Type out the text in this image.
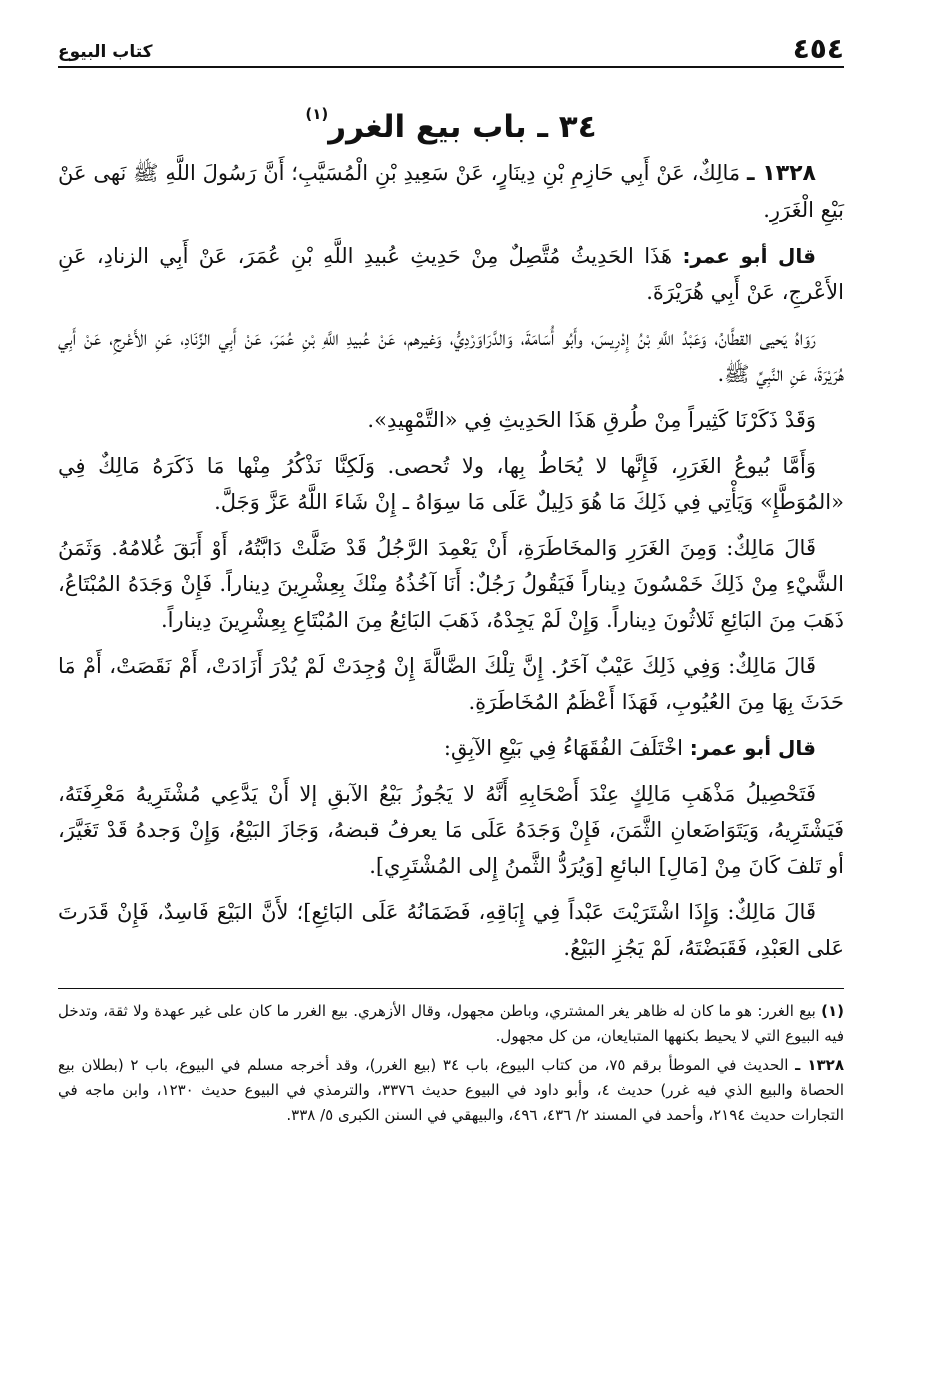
٤٥٤
كتاب البيوع
٣٤ ـ باب بيع الغرر$^{(١)}$

١٣٢٨ ـ مَالِكٌ، عَنْ أَبِي حَازِمِ بْنِ دِينَارٍ، عَنْ سَعِيدِ بْنِ الْمُسَيَّبِ؛ أَنَّ رَسُولَ اللَّهِ ﷺ نَهى عَنْ بَيْعِ الْغَرَرِ.

قال أبو عمر: هَذَا الحَدِيثُ مُتَّصِلٌ مِنْ حَدِيثِ عُبيدِ اللَّهِ بْنِ عُمَرَ، عَنْ أَبِي الزنادِ، عَنِ الأَعْرجِ، عَنْ أَبِي هُرَيْرَةَ.

رَوَاهُ يَحيى القطَّانُ، وَعَبْدُ اللَّهِ بْنُ إِدْرِيسَ، وأَبُو أُسَامَةَ، وَالدَّرَاوَرْدِيُّ، وَغيرهم، عَنْ عُبيدِ اللَّهِ بْنِ عُمَرَ، عَنْ أَبِي الزِّنَادِ، عَنِ الأَعْرجِ، عَنْ أَبِي هُرَيْرَةَ، عَنِ النَّبِيِّ ﷺ.

وَقَدْ ذَكَرْنَا كَثِيراً مِنْ طُرقِ هَذَا الحَدِيثِ فِي «التَّمْهِيدِ».

وَأَمَّا بُيوعُ الغَرَرِ، فَإِنَّها لا يُحَاطُ بِها، ولا تُحصى. وَلَكِنَّا نَذْكُرُ مِنْها مَا ذَكَرَهُ مَالِكٌ فِي «المُوَطَّإِ» وَيَأْتِي فِي ذَلِكَ مَا هُوَ دَلِيلٌ عَلَى مَا سِوَاهُ ـ إِنْ شَاءَ اللَّهُ عَزَّ وَجَلَّ.

قَالَ مَالِكٌ: وَمِنَ الغَرَرِ وَالمخَاطَرَةِ، أَنْ يَعْمِدَ الرَّجُلُ قَدْ ضَلَّتْ دَابَّتُهُ، أَوْ أَبَقَ غُلامُهُ. وَثَمَنُ الشَّيْءِ مِنْ ذَلِكَ خَمْسُونَ دِيناراً فَيَقُولُ رَجُلٌ: أَنَا آخُذُهُ مِنْكَ بِعِشْرِينَ دِيناراً. فَإِنْ وَجَدَهُ المُبْتَاعُ، ذَهَبَ مِنَ البَائِعِ ثَلاثُونَ دِيناراً. وَإِنْ لَمْ يَجِدْهُ، ذَهَبَ البَائِعُ مِنَ المُبْتَاعِ بِعِشْرِينَ دِيناراً.

قَالَ مَالِكٌ: وَفِي ذَلِكَ عَيْبٌ آخَرُ. إِنَّ تِلْكَ الضَّالَّةَ إِنْ وُجِدَتْ لَمْ يُدْرَ أَزَادَتْ، أَمْ نَقَصَتْ، أَمْ مَا حَدَثَ بِهَا مِنَ العُيُوبِ، فَهَذَا أَعْظَمُ المُخَاطَرَةِ.

قال أبو عمر: اخْتَلَفَ الفُقَهَاءُ فِي بَيْعِ الآبِقِ:

فَتَحْصِيلُ مَذْهَبِ مَالِكٍ عِنْدَ أَصْحَابِهِ أَنَّهُ لا يَجُوزُ بَيْعُ الآبقِ إلا أَنْ يَدَّعِي مُشْتَرِيهُ مَعْرِفَتَهُ، فَيَشْتَرِيهُ، وَيَتَوَاضَعانِ الثَّمَنَ، فَإِنْ وَجَدَهُ عَلَى مَا يعرفُ قبضهُ، وَجَازَ البَيْعُ، وَإِنْ وَجدهُ قَدْ تَغَيَّرَ، أو تَلفَ كَانَ مِنْ [مَالِ] البائعِ [وَيُرَدُّ الثَّمنُ إِلى المُشْتَرِي].

قَالَ مَالِكٌ: وَإِذَا اشْتَرَيْتَ عَبْداً فِي إِبَاقِهِ، فَضَمَانُهُ عَلَى البَائِعِ]؛ لأَنَّ البَيْعَ فَاسِدٌ، فَإِنْ قَدَرتَ عَلى العَبْدِ، فَقَبَضْتَهُ، لَمْ يَجُزِ البَيْعُ.

(١) بيع الغرر: هو ما كان له ظاهر يغر المشتري، وباطن مجهول، وقال الأزهري. بيع الغرر ما كان على غير عهدة ولا ثقة، وتدخل فيه البيوع التي لا يحيط بكنهها المتبايعان، من كل مجهول.

١٣٢٨ ـ الحديث في الموطأ برقم ٧٥، من كتاب البيوع، باب ٣٤ (بيع الغرر)، وقد أخرجه مسلم في البيوع، باب ٢ (بطلان بيع الحصاة والبيع الذي فيه غرر) حديث ٤، وأبو داود في البيوع حديث ٣٣٧٦، والترمذي في البيوع حديث ١٢٣٠، وابن ماجه في التجارات حديث ٢١٩٤، وأحمد في المسند ٢/ ٤٣٦، ٤٩٦، والبيهقي في السنن الكبرى ٥/ ٣٣٨.
